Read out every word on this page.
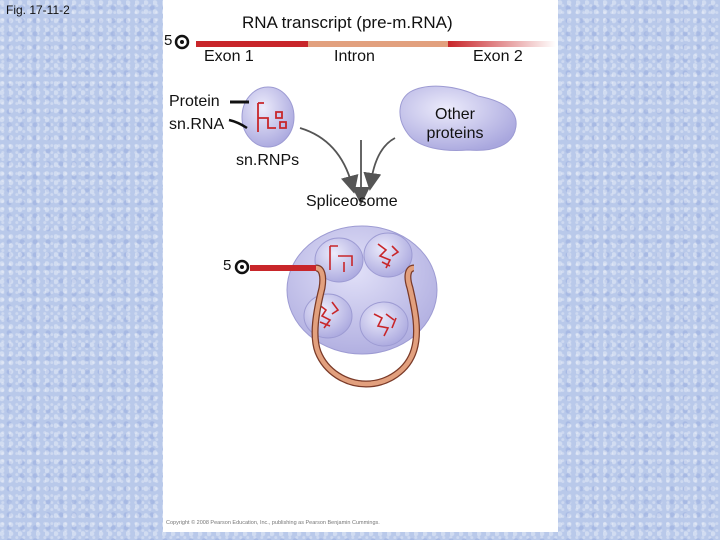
Fig. 17-11-2
RNA transcript (pre-m.RNA)
5
Exon 1	Intron	Exon 2
Protein
sn.RNA
Other
proteins
sn.RNPs
Spliceosome
5
Copyright © 2008 Pearson Education, Inc., publishing as Pearson Benjamin Cummings.
